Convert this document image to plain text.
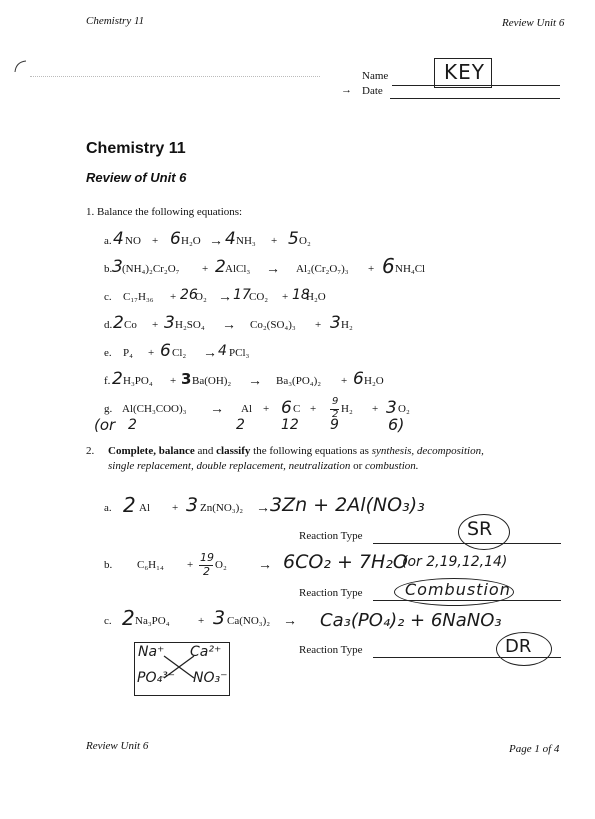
Chemistry 11	Review Unit 6
Name	KEY
→ Date
Chemistry 11
Review of Unit 6
1. Balance the following equations:
a. 4 NO + 6 H₂O → 4 NH₃ + 5 O₂
b. 3 (NH₄)₂Cr₂O₇ + 2 AlCl₃ → Al₂(Cr₂O₇)₃ + 6 NH₄Cl
c. C₁₇H₃₆ + 26
O₂ → 17
CO₂ + 18
H₂O
d. 2 Co + 3 H₂SO₄ → Co₂(SO₄)₃ + 3 H₂
e. P₄ + 6 Cl₂ → 4 PCl₃
f. 2 H₃PO₄ + 3 Ba(OH)₂ → Ba₃(PO₄)₂ + 6 H₂O
g. Al(CH₃COO)₃ → Al + 6 C +
9
2 H₂ + 3 O₂
(or 2	2	12 9	6)
2. Complete, balance and classify the following equations as synthesis, decomposition,
single replacement, double replacement, neutralization or combustion.
a. 2 Al + 3 Zn(NO₃)₂ → 3Zn + 2Al(NO₃)₃
Reaction Type	SR
b. C₆H₁₄ +
19
2 O₂ → 6CO₂ + 7H₂O
(or 2,19,12,14)
Reaction Type	Combustion
c. 2 Na₃PO₄	+ 3 Ca(NO₃)₂ → Ca₃(PO₄)₂ + 6NaNO₃
Reaction Type	DR
Na⁺ Ca²⁺
PO₄³⁻ NO₃⁻
Review Unit 6	Page 1 of 4
